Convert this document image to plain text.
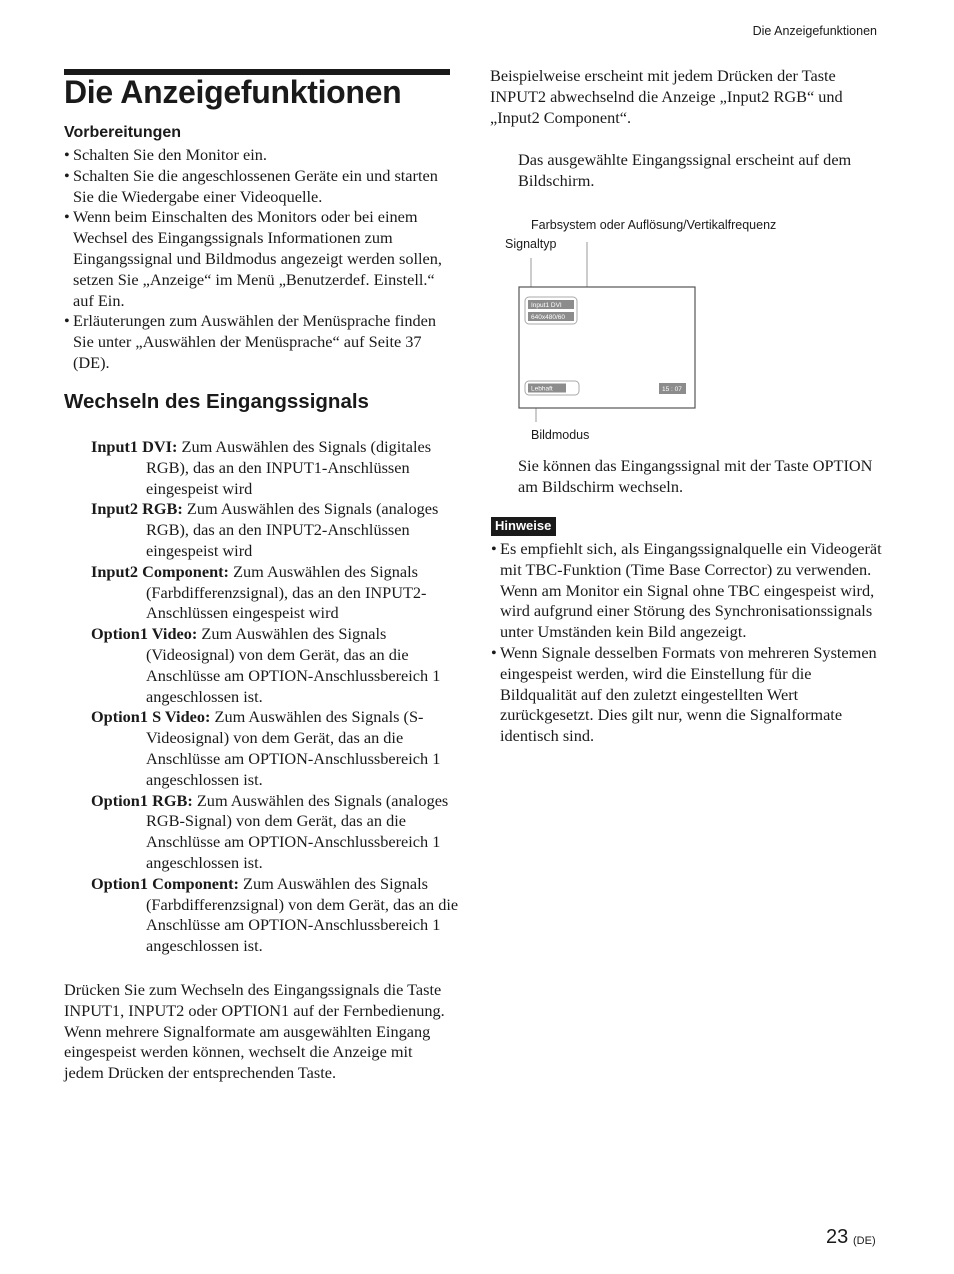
Die Anzeigefunktionen
Die Anzeigefunktionen
Vorbereitungen
• Schalten Sie den Monitor ein.
• Schalten Sie die angeschlossenen Geräte ein und starten Sie die Wiedergabe einer Videoquelle.
• Wenn beim Einschalten des Monitors oder bei einem Wechsel des Eingangssignals Informationen zum Eingangssignal und Bildmodus angezeigt werden sollen, setzen Sie „Anzeige“ im Menü „Benutzerdef. Einstell.“ auf Ein.
• Erläuterungen zum Auswählen der Menüsprache finden Sie unter „Auswählen der Menüsprache“ auf Seite 37 (DE).
Wechseln des Eingangssignals
Input1 DVI: Zum Auswählen des Signals (digitales RGB), das an den INPUT1-Anschlüssen eingespeist wird
Input2 RGB: Zum Auswählen des Signals (analoges RGB), das an den INPUT2-Anschlüssen eingespeist wird
Input2 Component: Zum Auswählen des Signals (Farbdifferenzsignal), das an den INPUT2-Anschlüssen eingespeist wird
Option1 Video: Zum Auswählen des Signals (Videosignal) von dem Gerät, das an die Anschlüsse am OPTION-Anschlussbereich 1 angeschlossen ist.
Option1 S Video: Zum Auswählen des Signals (S-Videosignal) von dem Gerät, das an die Anschlüsse am OPTION-Anschlussbereich 1 angeschlossen ist.
Option1 RGB: Zum Auswählen des Signals (analoges RGB-Signal) von dem Gerät, das an die Anschlüsse am OPTION-Anschlussbereich 1 angeschlossen ist.
Option1 Component: Zum Auswählen des Signals (Farbdifferenzsignal) von dem Gerät, das an die Anschlüsse am OPTION-Anschlussbereich 1 angeschlossen ist.

Drücken Sie zum Wechseln des Eingangssignals die Taste INPUT1, INPUT2 oder OPTION1 auf der Fernbedienung. Wenn mehrere Signalformate am ausgewählten Eingang eingespeist werden können, wechselt die Anzeige mit jedem Drücken der entsprechenden Taste.

Beispielweise erscheint mit jedem Drücken der Taste INPUT2 abwechselnd die Anzeige „Input2 RGB“ und „Input2 Component“.

Das ausgewählte Eingangssignal erscheint auf dem Bildschirm.

Farbsystem oder Auflösung/Vertikalfrequenz
Signaltyp
Bildmodus
Input1 DVI
640x480/60
Lebhaft	15 : 07

Sie können das Eingangssignal mit der Taste OPTION am Bildschirm wechseln.

Hinweise
• Es empfiehlt sich, als Eingangssignalquelle ein Videogerät mit TBC-Funktion (Time Base Corrector) zu verwenden. Wenn am Monitor ein Signal ohne TBC eingespeist wird, wird aufgrund einer Störung des Synchronisationssignals unter Umständen kein Bild angezeigt.
• Wenn Signale desselben Formats von mehreren Systemen eingespeist werden, wird die Einstellung für die Bildqualität auf den zuletzt eingestellten Wert zurückgesetzt. Dies gilt nur, wenn die Signalformate identisch sind.
23 (DE)
